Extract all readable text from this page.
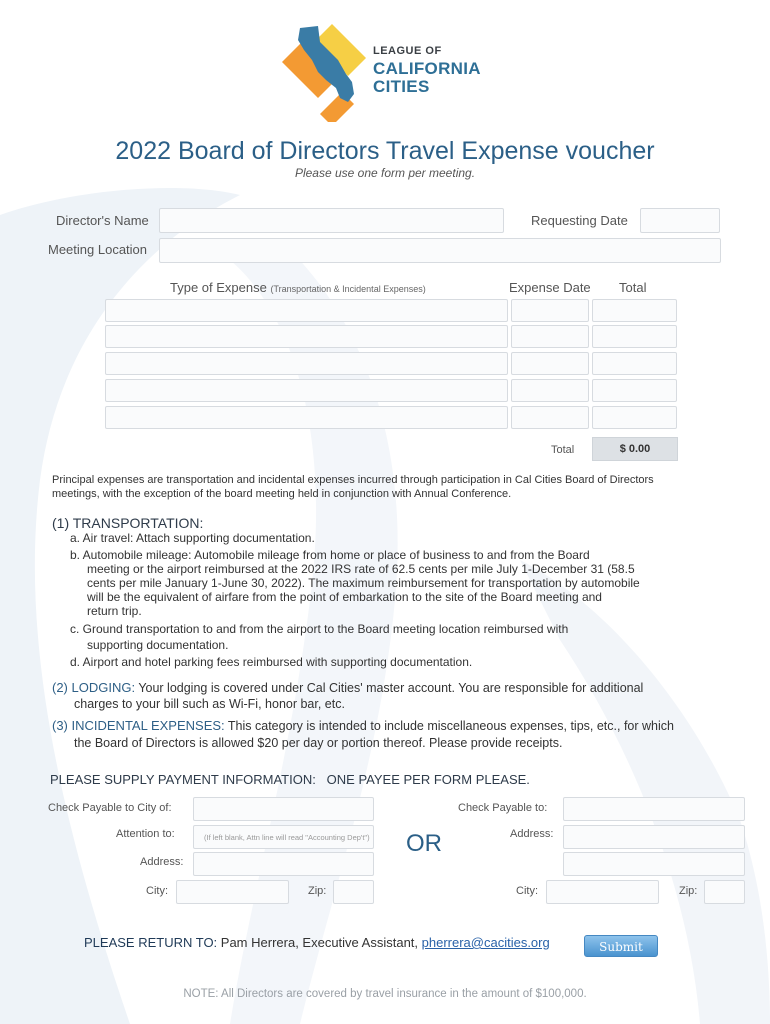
LEAGUE OF
CALIFORNIA
CITIES
2022 Board of Directors Travel Expense voucher
Please use one form per meeting.
Director's Name	Requesting Date
Meeting Location
Type of Expense (Transportation & Incidental Expenses)	Expense Date Total
Total	$ 0.00
Principal expenses are transportation and incidental expenses incurred through participation in Cal Cities Board of Directors meetings, with the exception of the board meeting held in conjunction with Annual Conference.
(1) TRANSPORTATION:
a. Air travel: Attach supporting documentation.
b. Automobile mileage: Automobile mileage from home or place of business to and from the Board
meeting or the airport reimbursed at the 2022 IRS rate of 62.5 cents per mile July 1-December 31 (58.5
cents per mile January 1-June 30, 2022). The maximum reimbursement for transportation by automobile
will be the equivalent of airfare from the point of embarkation to the site of the Board meeting and
return trip.
c. Ground transportation to and from the airport to the Board meeting location reimbursed with
supporting documentation.
d. Airport and hotel parking fees reimbursed with supporting documentation.
(2) LODGING: Your lodging is covered under Cal Cities' master account. You are responsible for additional
charges to your bill such as Wi-Fi, honor bar, etc.
(3) INCIDENTAL EXPENSES: This category is intended to include miscellaneous expenses, tips, etc., for which
the Board of Directors is allowed $20 per day or portion thereof. Please provide receipts.
PLEASE SUPPLY PAYMENT INFORMATION:   ONE PAYEE PER FORM PLEASE.
Check Payable to City of:
Attention to:	(If left blank, Attn line will read "Accounting Dep't")
Address:
City:	Zip:
OR
Check Payable to:
Address:
City:	Zip:
PLEASE RETURN TO: Pam Herrera, Executive Assistant, pherrera@cacities.org	Submit
NOTE: All Directors are covered by travel insurance in the amount of $100,000.
